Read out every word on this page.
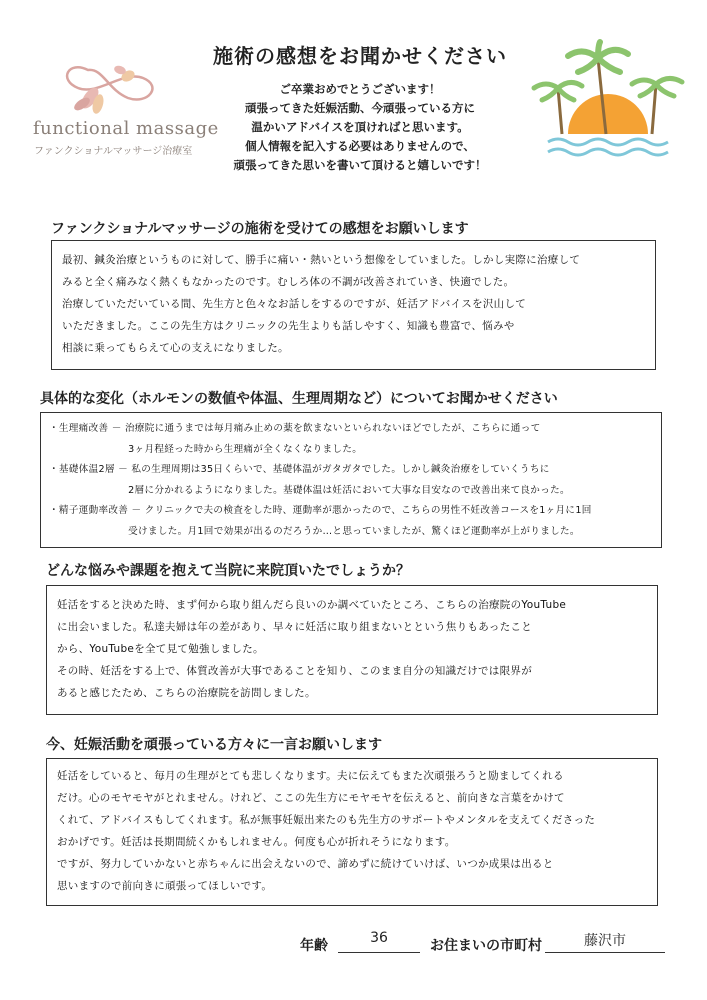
施術の感想をお聞かせください
ご卒業おめでとうございます！
頑張ってきた妊娠活動、今頑張っている方に
温かいアドバイスを頂ければと思います。
個人情報を記入する必要はありませんので、
頑張ってきた思いを書いて頂けると嬉しいです！
functional massage
ファンクショナルマッサージ治療室
ファンクショナルマッサージの施術を受けての感想をお願いします
最初、鍼灸治療というものに対して、勝手に痛い・熱いという想像をしていました。しかし実際に治療して
みると全く痛みなく熱くもなかったのです。むしろ体の不調が改善されていき、快適でした。
治療していただいている間、先生方と色々なお話しをするのですが、妊活アドバイスを沢山して
いただきました。ここの先生方はクリニックの先生よりも話しやすく、知識も豊富で、悩みや
相談に乗ってもらえて心の支えになりました。
具体的な変化（ホルモンの数値や体温、生理周期など）についてお聞かせください
・生理痛改善 － 治療院に通うまでは毎月痛み止めの薬を飲まないといられないほどでしたが、こちらに通って
　　　　　　　　3ヶ月程経った時から生理痛が全くなくなりました。
・基礎体温2層 － 私の生理周期は35日くらいで、基礎体温がガタガタでした。しかし鍼灸治療をしていくうちに
　　　　　　　　2層に分かれるようになりました。基礎体温は妊活において大事な目安なので改善出来て良かった。
・精子運動率改善 － クリニックで夫の検査をした時、運動率が悪かったので、こちらの男性不妊改善コースを1ヶ月に1回
　　　　　　　　受けました。月1回で効果が出るのだろうか…と思っていましたが、驚くほど運動率が上がりました。
どんな悩みや課題を抱えて当院に来院頂いたでしょうか？
妊活をすると決めた時、まず何から取り組んだら良いのか調べていたところ、こちらの治療院のYouTube
に出会いました。私達夫婦は年の差があり、早々に妊活に取り組まないとという焦りもあったこと
から、YouTubeを全て見て勉強しました。
その時、妊活をする上で、体質改善が大事であることを知り、このまま自分の知識だけでは限界が
あると感じたため、こちらの治療院を訪問しました。
今、妊娠活動を頑張っている方々に一言お願いします
妊活をしていると、毎月の生理がとても悲しくなります。夫に伝えてもまた次頑張ろうと励ましてくれる
だけ。心のモヤモヤがとれません。けれど、ここの先生方にモヤモヤを伝えると、前向きな言葉をかけて
くれて、アドバイスもしてくれます。私が無事妊娠出来たのも先生方のサポートやメンタルを支えてくださった
おかげです。妊活は長期間続くかもしれません。何度も心が折れそうになります。
ですが、努力していかないと赤ちゃんに出会えないので、諦めずに続けていけば、いつか成果は出ると
思いますので前向きに頑張ってほしいです。
年齢	36	お住まいの市町村	藤沢市
